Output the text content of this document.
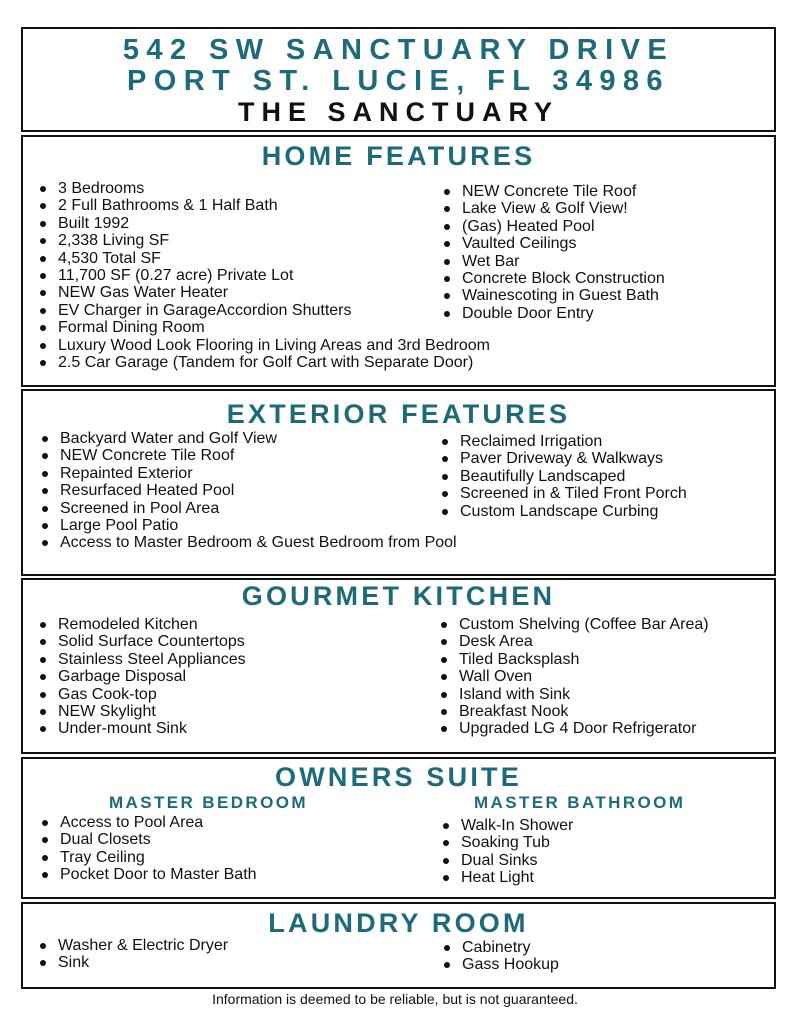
542 SW SANCTUARY DRIVE
PORT ST. LUCIE, FL 34986
THE SANCTUARY
HOME FEATURES
3 Bedrooms
2 Full Bathrooms & 1 Half Bath
Built 1992
2,338 Living SF
4,530 Total SF
11,700 SF (0.27 acre) Private Lot
NEW Gas Water Heater
EV Charger in GarageAccordion Shutters
Formal Dining Room
Luxury Wood Look Flooring in Living Areas and 3rd Bedroom
2.5 Car Garage (Tandem for Golf Cart with Separate Door)
NEW Concrete Tile Roof
Lake View & Golf View!
(Gas) Heated Pool
Vaulted Ceilings
Wet Bar
Concrete Block Construction
Wainescoting in Guest Bath
Double Door Entry
EXTERIOR FEATURES
Backyard Water and Golf View
NEW Concrete Tile Roof
Repainted Exterior
Resurfaced Heated Pool
Screened in Pool Area
Large Pool Patio
Access to Master Bedroom & Guest Bedroom from Pool
Reclaimed Irrigation
Paver Driveway & Walkways
Beautifully Landscaped
Screened in & Tiled Front Porch
Custom Landscape Curbing
GOURMET KITCHEN
Remodeled Kitchen
Solid Surface Countertops
Stainless Steel Appliances
Garbage Disposal
Gas Cook-top
NEW Skylight
Under-mount Sink
Custom Shelving (Coffee Bar Area)
Desk Area
Tiled Backsplash
Wall Oven
Island with Sink
Breakfast Nook
Upgraded LG 4 Door Refrigerator
OWNERS SUITE
MASTER BEDROOM	MASTER BATHROOM
Access to Pool Area
Dual Closets
Tray Ceiling
Pocket Door to Master Bath
Walk-In Shower
Soaking Tub
Dual Sinks
Heat Light
LAUNDRY ROOM
Washer & Electric Dryer
Sink
Cabinetry
Gass Hookup
Information is deemed to be reliable, but is not guaranteed.
